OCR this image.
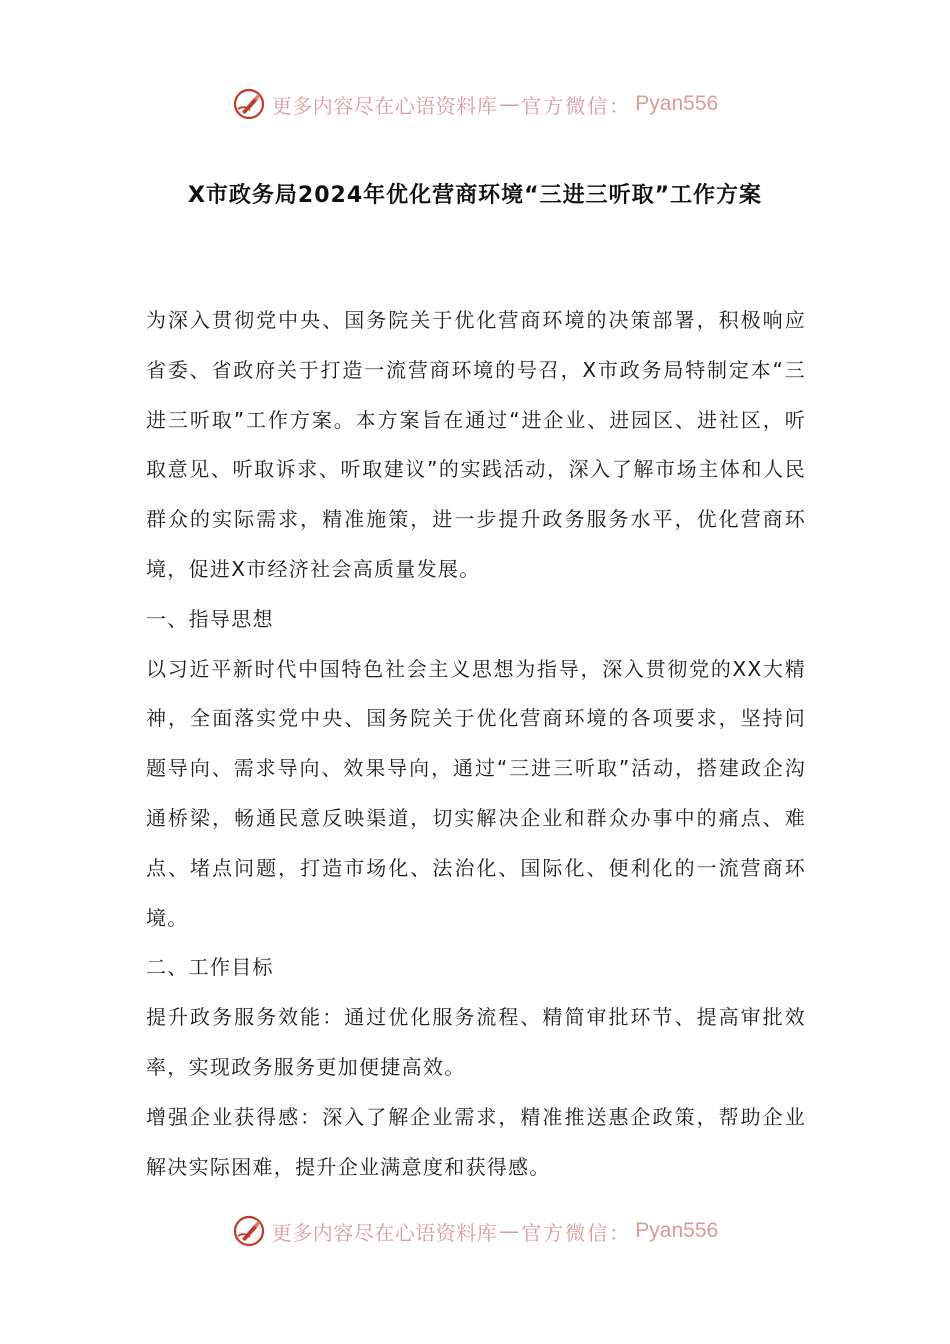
更多内容尽在心语资料库 — 官方微信： Pyan556
X市政务局2024年优化营商环境“三进三听取”工作方案

为深入贯彻党中央、国务院关于优化营商环境的决策部署，积极响应省委、省政府关于打造一流营商环境的号召，X市政务局特制定本“三进三听取”工作方案。本方案旨在通过“进企业、进园区、进社区，听取意见、听取诉求、听取建议”的实践活动，深入了解市场主体和人民群众的实际需求，精准施策，进一步提升政务服务水平，优化营商环境，促进X市经济社会高质量发展。

一、指导思想

以习近平新时代中国特色社会主义思想为指导，深入贯彻党的XX大精神，全面落实党中央、国务院关于优化营商环境的各项要求，坚持问题导向、需求导向、效果导向，通过“三进三听取”活动，搭建政企沟通桥梁，畅通民意反映渠道，切实解决企业和群众办事中的痛点、难点、堵点问题，打造市场化、法治化、国际化、便利化的一流营商环境。

二、工作目标

提升政务服务效能：通过优化服务流程、精简审批环节、提高审批效率，实现政务服务更加便捷高效。

增强企业获得感：深入了解企业需求，精准推送惠企政策，帮助企业解决实际困难，提升企业满意度和获得感。

更多内容尽在心语资料库 — 官方微信： Pyan556
